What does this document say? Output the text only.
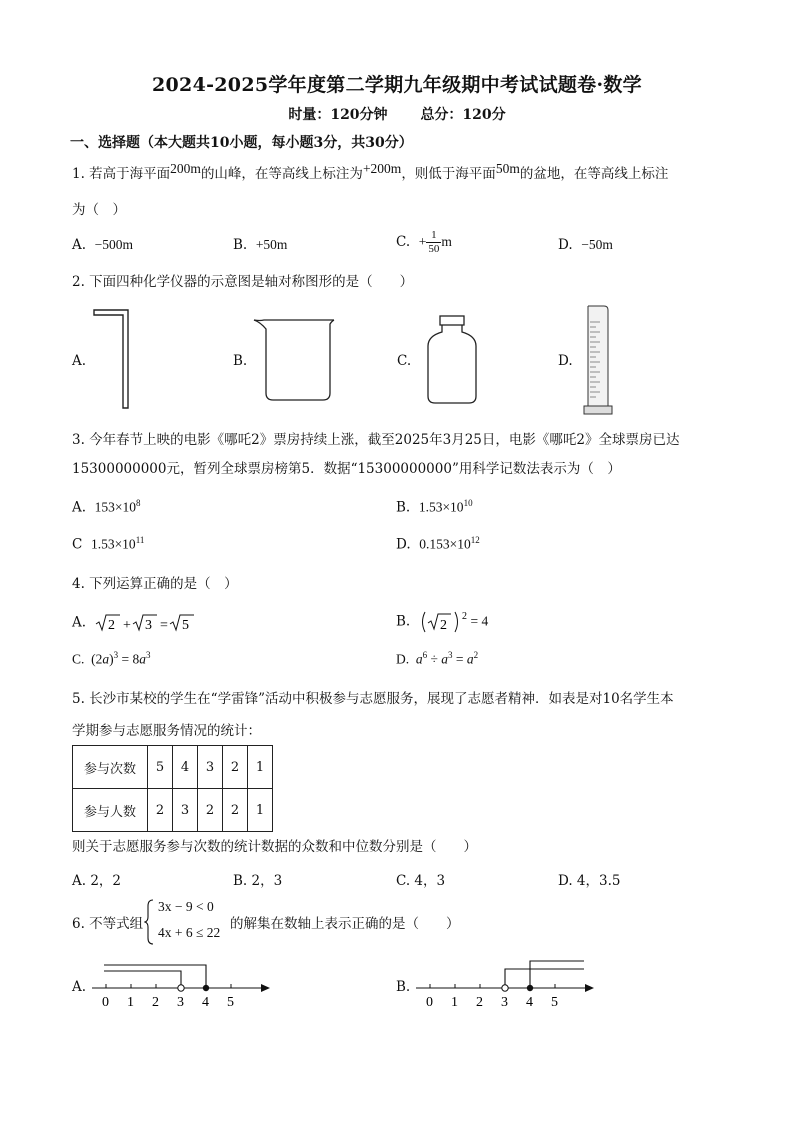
2024-2025学年度第二学期九年级期中考试试题卷·数学
时量：120分钟 总分：120分
一、选择题（本大题共10小题，每小题3分，共30分）
1. 若高于海平面200m的山峰，在等高线上标注为+200m，则低于海平面50m的盆地，在等高线上标注
为（　）
A. −500m	B. +50m	C. + $\frac{1}{50}$ m	D. −50m
2. 下面四种化学仪器的示意图是轴对称图形的是（　　）
A.	B.	C.	D.
3. 今年春节上映的电影《哪吒2》票房持续上涨，截至2025年3月25日，电影《哪吒2》全球票房已达
15300000000元，暂列全球票房榜第5．数据“15300000000”用科学记数法表示为（　）
A. $153\times 10^8$	B. $1.53\times 10^{10}$
C $1.53\times 10^{11}$	D. $0.153\times 10^{12}$
4. 下列运算正确的是（　）
A. 2 + 3 = 5	B. 2
2 = 4
C. $(2a)^3 = 8a^3$	D. $a^6 \div a^3 = a^2$
5. 长沙市某校的学生在“学雷锋”活动中积极参与志愿服务，展现了志愿者精神．如表是对10名学生本
学期参与志愿服务情况的统计：
参与次数	5	4	3	2	1
参与人数	2	3	2	2	1
则关于志愿服务参与次数的统计数据的众数和中位数分别是（　　）
A. 2，2	B. 2，3	C. 4，3	D. 4，3.5
6. 不等式组
3x − 9 < 0
4x + 6 ≤ 22
的解集在数轴上表示正确的是（　　）
A.	B.
0 1 2 3 4 5	0 1 2 3 4 5
